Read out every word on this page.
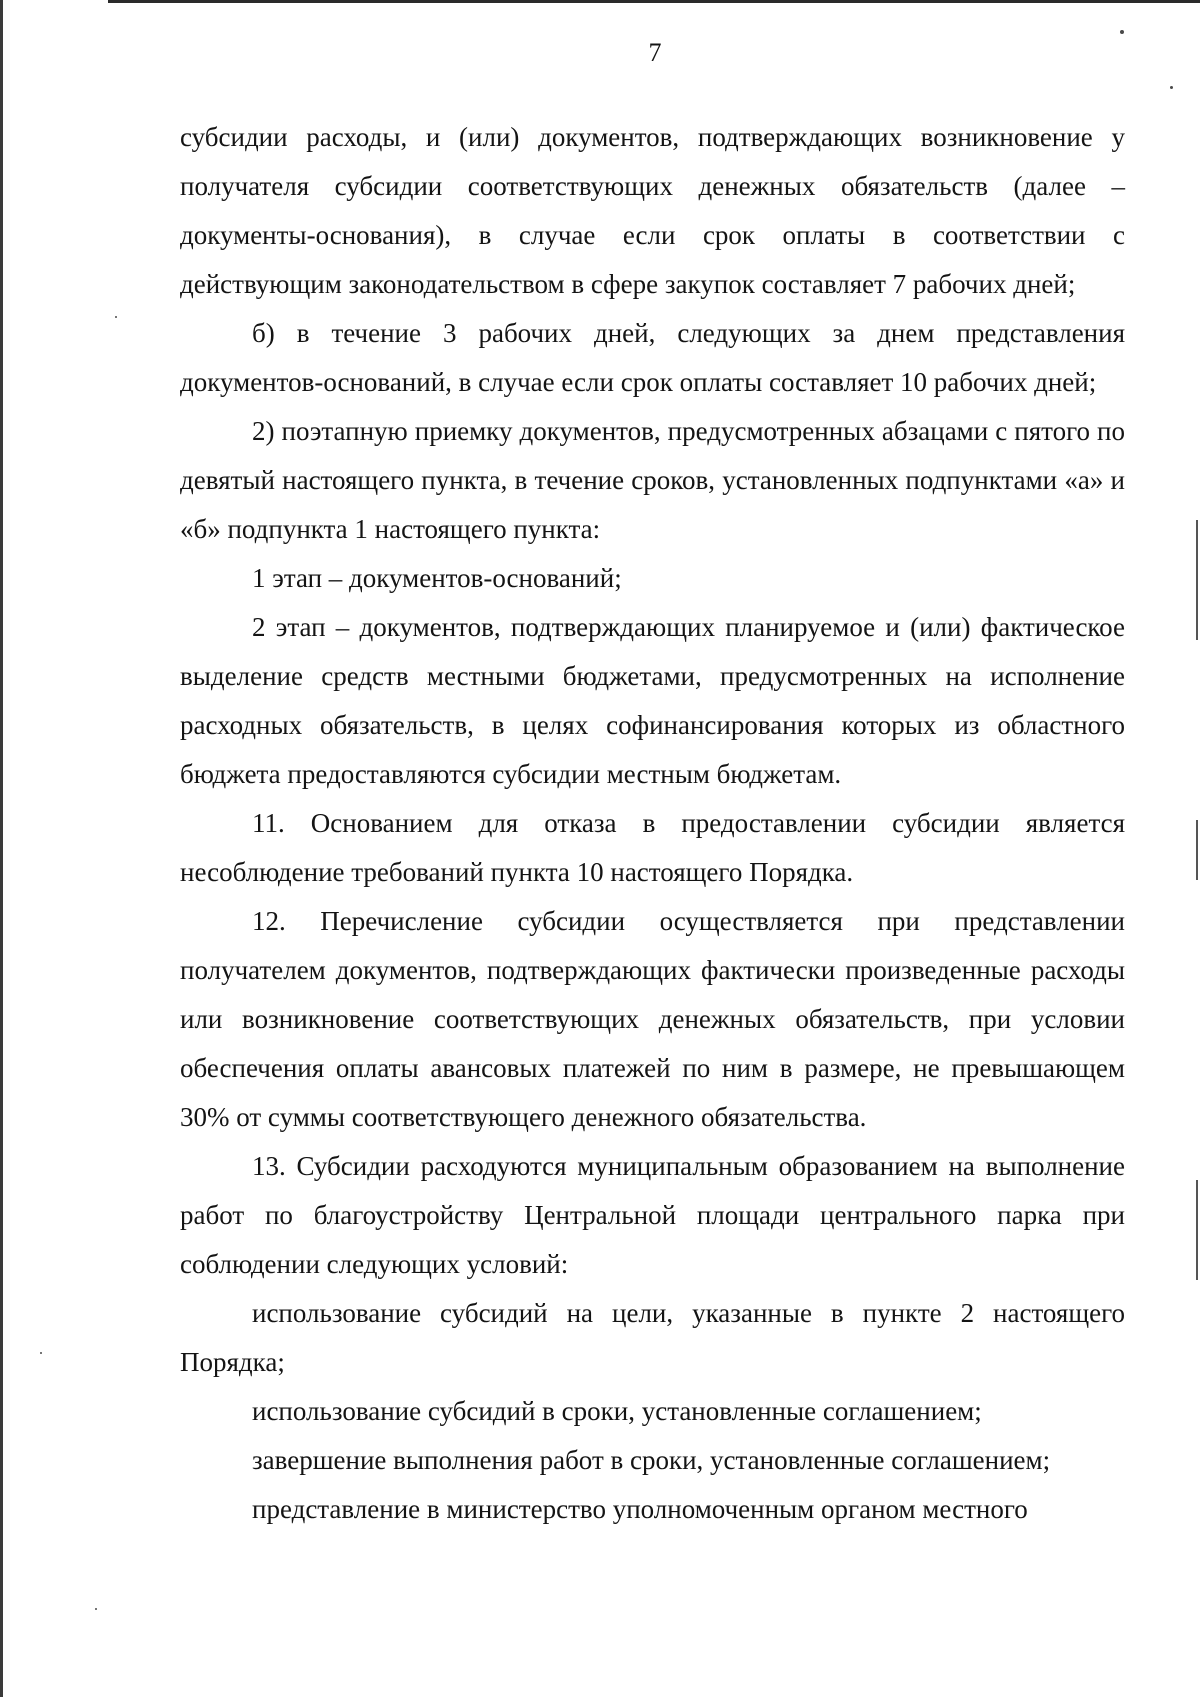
7

субсидии расходы, и (или) документов, подтверждающих возникновение у получателя субсидии соответствующих денежных обязательств (далее – документы-основания), в случае если срок оплаты в соответствии с действующим законодательством в сфере закупок составляет 7 рабочих дней;

б) в течение 3 рабочих дней, следующих за днем представления документов-оснований, в случае если срок оплаты составляет 10 рабочих дней;

2) поэтапную приемку документов, предусмотренных абзацами с пятого по девятый настоящего пункта, в течение сроков, установленных подпунктами «а» и «б» подпункта 1 настоящего пункта:

1 этап – документов-оснований;

2 этап – документов, подтверждающих планируемое и (или) фактическое выделение средств местными бюджетами, предусмотренных на исполнение расходных обязательств, в целях софинансирования которых из областного бюджета предоставляются субсидии местным бюджетам.

11. Основанием для отказа в предоставлении субсидии является несоблюдение требований пункта 10 настоящего Порядка.

12. Перечисление субсидии осуществляется при представлении получателем документов, подтверждающих фактически произведенные расходы или возникновение соответствующих денежных обязательств, при условии обеспечения оплаты авансовых платежей по ним в размере, не превышающем 30% от суммы соответствующего денежного обязательства.

13. Субсидии расходуются муниципальным образованием на выполнение работ по благоустройству Центральной площади центрального парка при соблюдении следующих условий:

использование субсидий на цели, указанные в пункте 2 настоящего Порядка;

использование субсидий в сроки, установленные соглашением;

завершение выполнения работ в сроки, установленные соглашением;

представление в министерство уполномоченным органом местного
